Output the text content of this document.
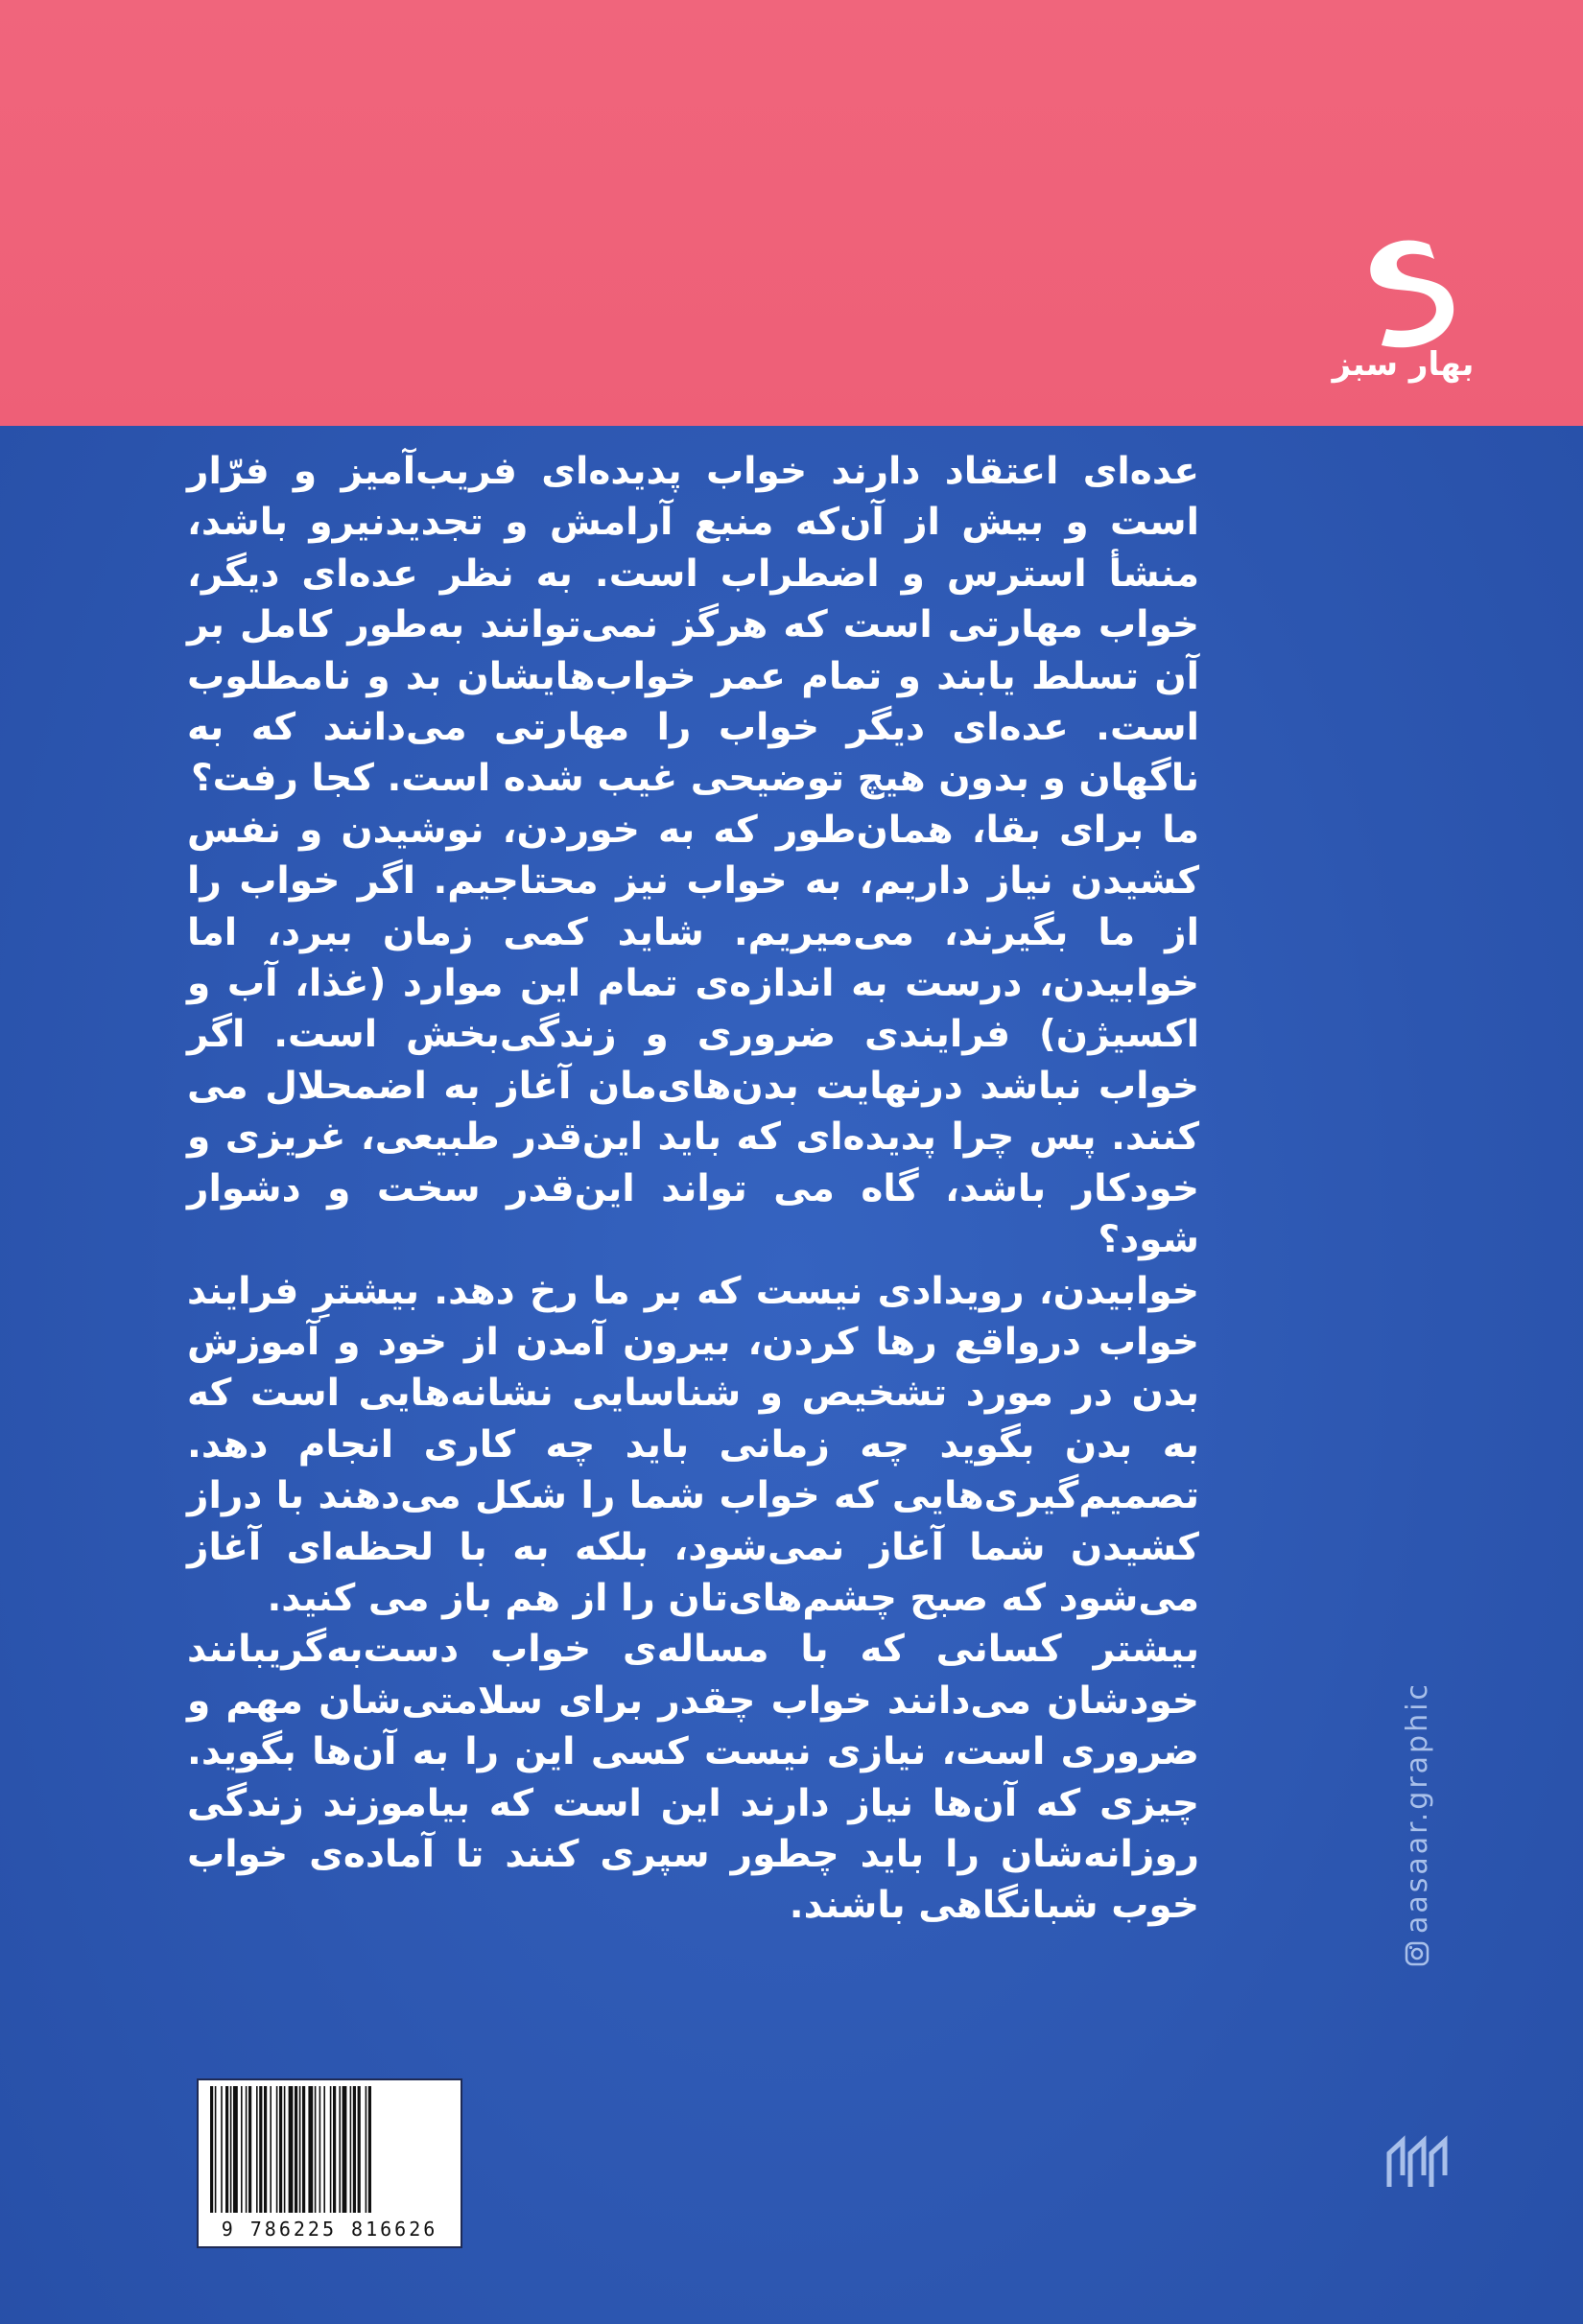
بهار سبز

عده‌ای اعتقاد دارند خواب پدیده‌ای فریب‌آمیز و فرّار است و بیش از آن‌که منبع آرامش و تجدیدنیرو باشد، منشأ استرس و اضطراب است. به نظر عده‌ای دیگر، خواب مهارتی است که هرگز نمی‌توانند به‌طور کامل بر آن تسلط یابند و تمام عمر خواب‌هایشان بد و نامطلوب است. عده‌ای دیگر خواب را مهارتی می‌دانند که به ناگهان و بدون هیچ توضیحی غیب شده است. کجا رفت؟

ما برای بقا، همان‌طور که به خوردن، نوشیدن و نفس کشیدن نیاز داریم، به خواب نیز محتاجیم. اگر خواب را از ما بگیرند، می‌میریم. شاید کمی زمان ببرد، اما خوابیدن، درست به اندازه‌ی تمام این موارد (غذا، آب و اکسیژن) فرایندی ضروری و زندگی‌بخش است. اگر خواب نباشد درنهایت بدن‌های‌مان آغاز به اضمحلال می کنند. پس چرا پدیده‌ای که باید این‌قدر طبیعی، غریزی و خودکار باشد، گاه می تواند این‌قدر سخت و دشوار شود؟

خوابیدن، رویدادی نیست که بر ما رخ دهد. بیشترِ فرایند خواب درواقع رها کردن، بیرون آمدن از خود و آموزش بدن در مورد تشخیص و شناسایی نشانه‌هایی است که به بدن بگوید چه زمانی باید چه کاری انجام دهد. تصمیم‌گیری‌هایی که خواب شما را شکل می‌دهند با دراز کشیدن شما آغاز نمی‌شود، بلکه به با لحظه‌ای آغاز می‌شود که صبح چشم‌های‌تان را از هم باز می کنید.

بیشتر کسانی که با مساله‌ی خواب دست‌به‌گریبانند خودشان می‌دانند خواب چقدر برای سلامتی‌شان مهم و ضروری است، نیازی نیست کسی این را به آن‌ها بگوید. چیزی که آن‌ها نیاز دارند این است که بیاموزند زندگی روزانه‌شان را باید چطور سپری کنند تا آماده‌ی خواب خوب شبانگاهی باشند.

9 786225 816626
aasaar.graphic
